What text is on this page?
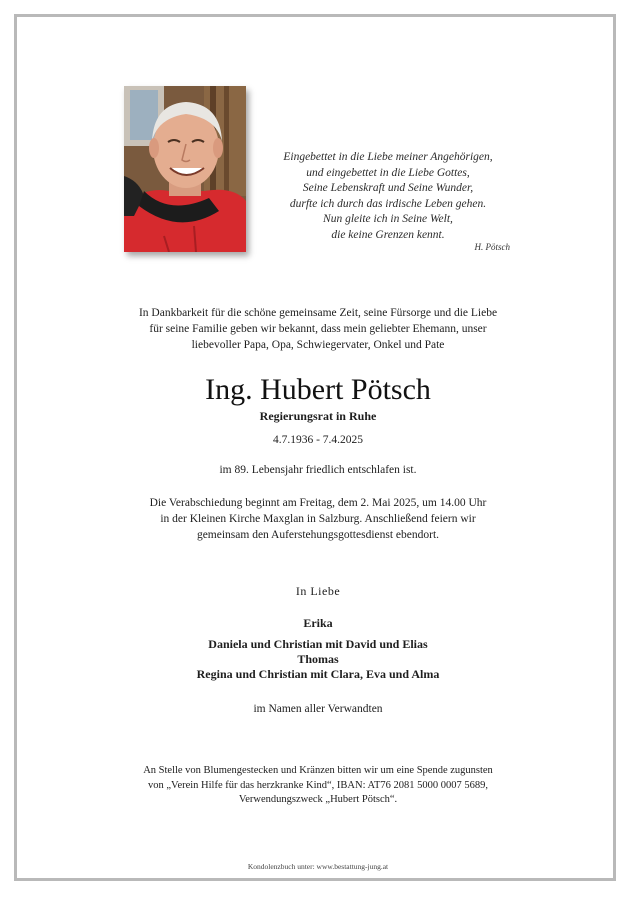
Eingebettet in die Liebe meiner Angehörigen,
und eingebettet in die Liebe Gottes,
Seine Lebenskraft und Seine Wunder,
durfte ich durch das irdische Leben gehen.
Nun gleite ich in Seine Welt,
die keine Grenzen kennt.
H. Pötsch
In Dankbarkeit für die schöne gemeinsame Zeit, seine Fürsorge und die Liebe
für seine Familie geben wir bekannt, dass mein geliebter Ehemann, unser
liebevoller Papa, Opa, Schwiegervater, Onkel und Pate
Ing. Hubert Pötsch
Regierungsrat in Ruhe
4.7.1936 - 7.4.2025
im 89. Lebensjahr friedlich entschlafen ist.
Die Verabschiedung beginnt am Freitag, dem 2. Mai 2025, um 14.00 Uhr
in der Kleinen Kirche Maxglan in Salzburg. Anschließend feiern wir
gemeinsam den Auferstehungsgottesdienst ebendort.
In Liebe
Erika
Daniela und Christian mit David und Elias
Thomas
Regina und Christian mit Clara, Eva und Alma
im Namen aller Verwandten
An Stelle von Blumengestecken und Kränzen bitten wir um eine Spende zugunsten
von „Verein Hilfe für das herzkranke Kind“, IBAN: AT76 2081 5000 0007 5689,
Verwendungszweck „Hubert Pötsch“.
Kondolenzbuch unter: www.bestattung-jung.at
